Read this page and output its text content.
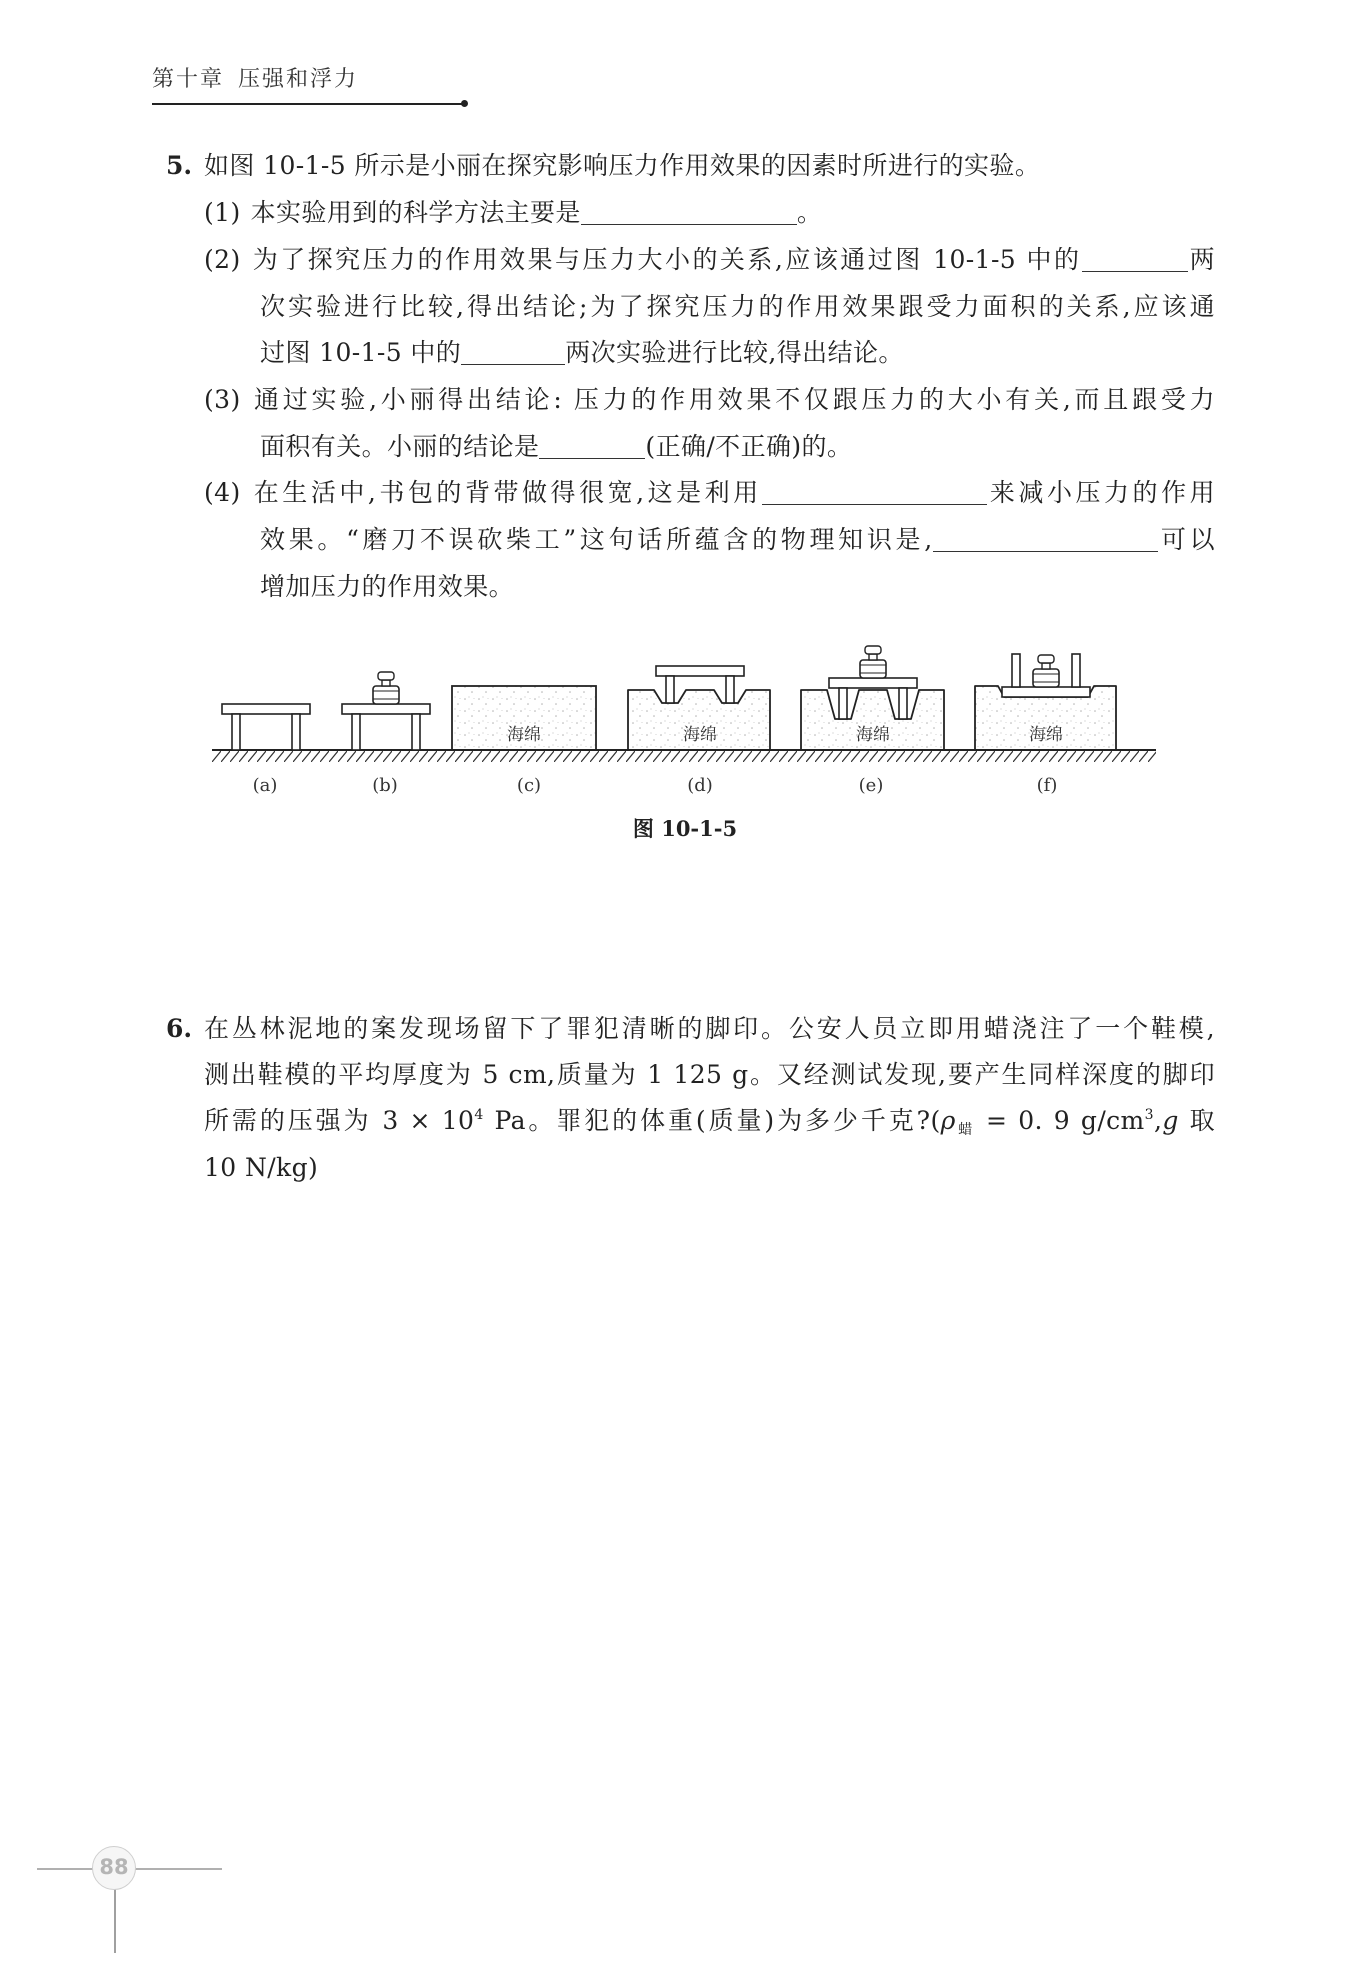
第十章 压强和浮力
5. 如图 10-1-5 所示是小丽在探究影响压力作用效果的因素时所进行的实验。
(1) 本实验用到的科学方法主要是	。
(2) 为了探究压力的作用效果与压力大小的关系,应该通过图 10-1-5 中的	两
次实验进行比较,得出结论;为了探究压力的作用效果跟受力面积的关系,应该通
过图 10-1-5 中的	两次实验进行比较,得出结论。
(3) 通过实验,小丽得出结论: 压力的作用效果不仅跟压力的大小有关,而且跟受力
面积有关。小丽的结论是	(正确/不正确)的。
(4) 在生活中,书包的背带做得很宽,这是利用	来减小压力的作用
效果。“磨刀不误砍柴工”这句话所蕴含的物理知识是,	可以
增加压力的作用效果。
海绵	海绵	海绵	海绵
(a)	(b)	(c)	(d)	(e)	(f)
图 10-1-5
6. 在丛林泥地的案发现场留下了罪犯清晰的脚印。公安人员立即用蜡浇注了一个鞋模,
测出鞋模的平均厚度为 5 cm,质量为 1 125 g。又经测试发现,要产生同样深度的脚印
所需的压强为 $3 \times 10^4$ Pa。罪犯的体重(质量)为多少千克$?(\rho_蜡 = 0$. 9 $g/cm^3,g$ 取
10 N/kg)
88
